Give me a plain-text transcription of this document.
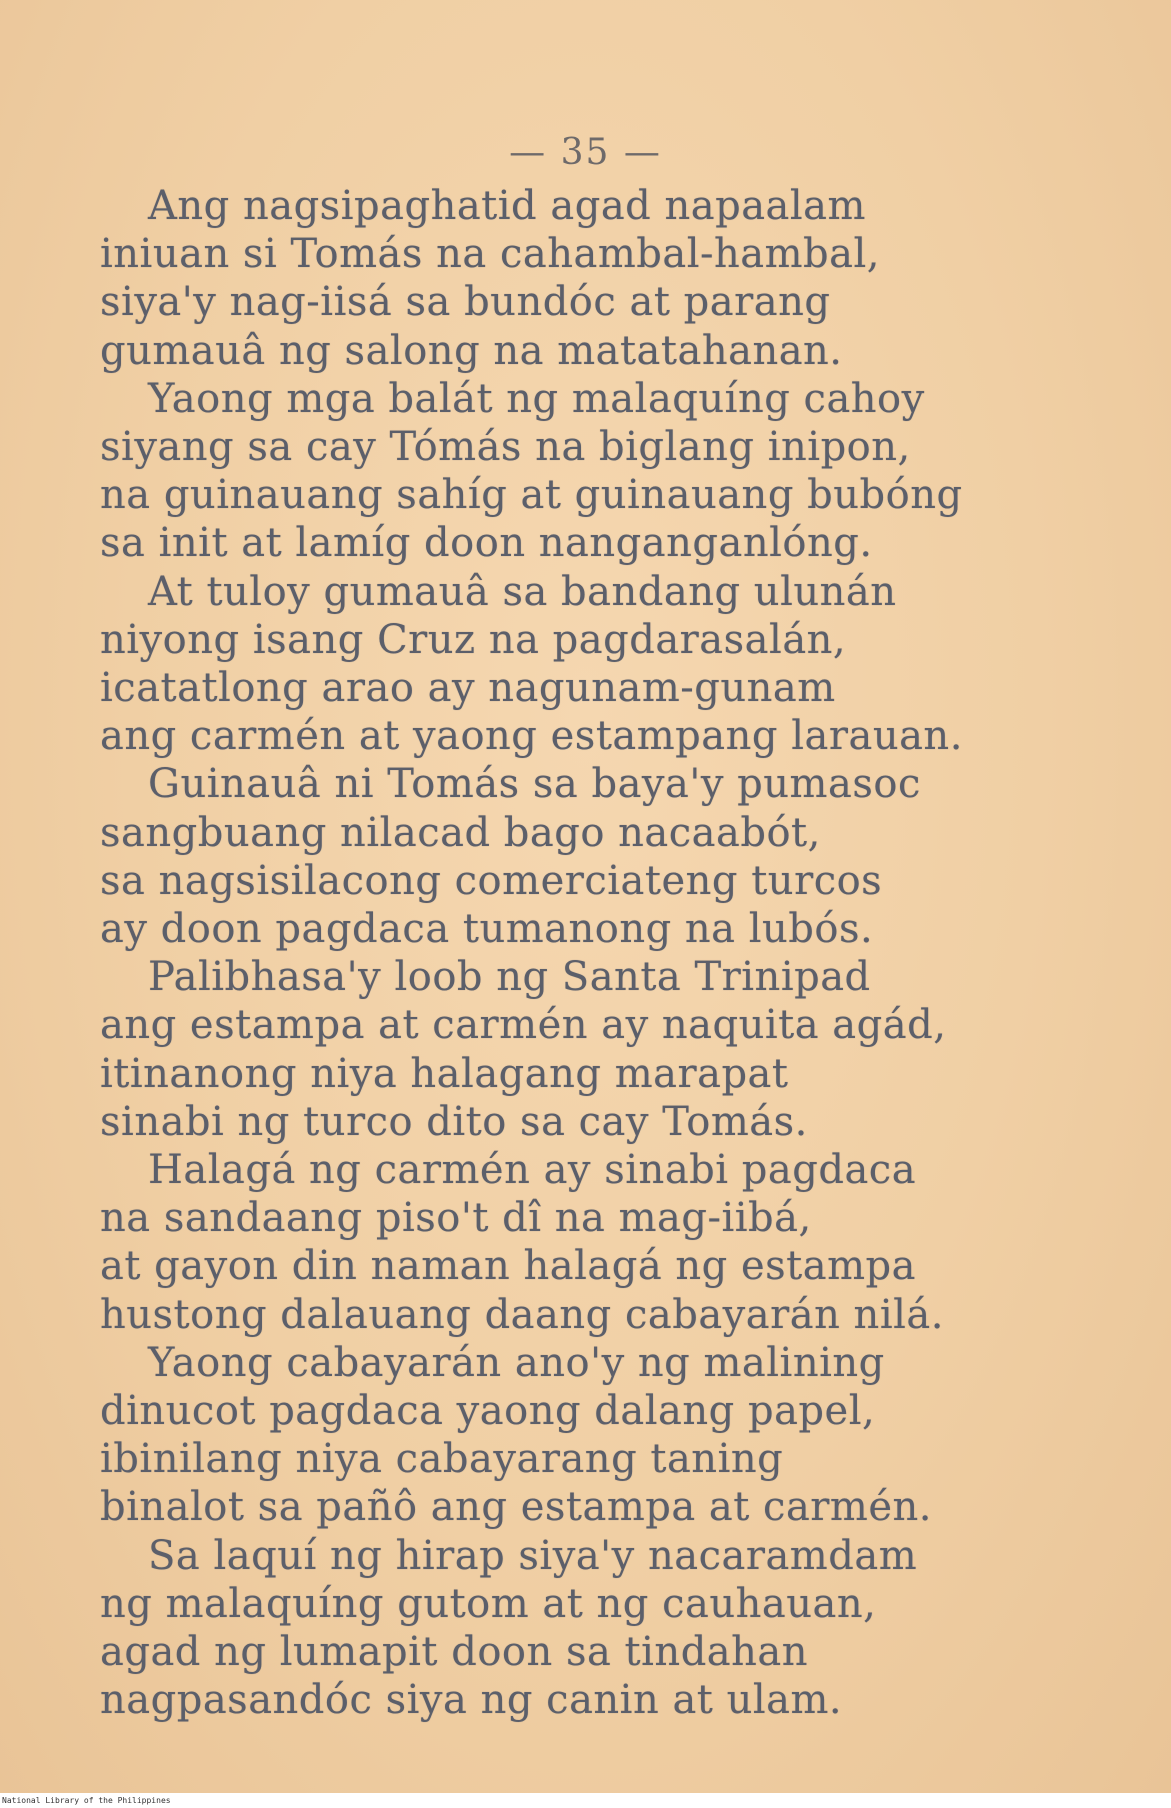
— 35 —
Ang nagsipaghatid agad napaalam
iniuan si Tomás na cahambal-hambal,
siya'y nag-iisá sa bundóc at parang
gumauâ ng salong na matatahanan.
Yaong mga balát ng malaquíng cahoy
siyang sa cay Tómás na biglang inipon,
na guinauang sahíg at guinauang bubóng
sa init at lamíg doon nanganganlóng.
At tuloy gumauâ sa bandang ulunán
niyong isang Cruz na pagdarasalán,
icatatlong arao ay nagunam-gunam
ang carmén at yaong estampang larauan.
Guinauâ ni Tomás sa baya'y pumasoc
sangbuang nilacad bago nacaabót,
sa nagsisilacong comerciateng turcos
ay doon pagdaca tumanong na lubós.
Palibhasa'y loob ng Santa Trinipad
ang estampa at carmén ay naquita agád,
itinanong niya halagang marapat
sinabi ng turco dito sa cay Tomás.
Halagá ng carmén ay sinabi pagdaca
na sandaang piso't dî na mag-iibá,
at gayon din naman halagá ng estampa
hustong dalauang daang cabayarán nilá.
Yaong cabayarán ano'y ng malining
dinucot pagdaca yaong dalang papel,
ibinilang niya cabayarang taning
binalot sa pañô ang estampa at carmén.
Sa laquí ng hirap siya'y nacaramdam
ng malaquíng gutom at ng cauhauan,
agad ng lumapit doon sa tindahan
nagpasandóc siya ng canin at ulam.
National Library of the Philippines
